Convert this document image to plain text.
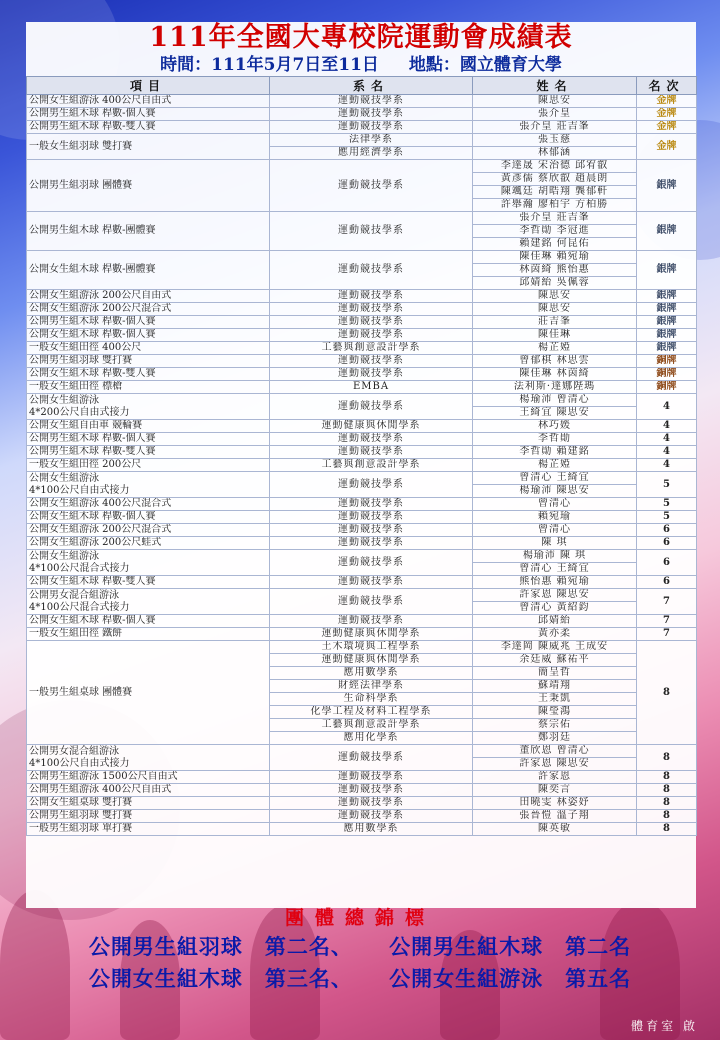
111年全國大專校院運動會成績表
時間：111年5月7日至11日 地點：國立體育大學
項目	系名	姓名	名次

公開女生組游泳 400公尺自由式	運動競技學系	陳思安	金牌

公開男生組木球 桿數-個人賽	運動競技學系	張介皇	金牌

公開男生組木球 桿數-雙人賽	運動競技學系	張介皇 莊吉峯	金牌

一般女生組羽球 雙打賽	法律學系	張玉慈	金牌
	應用經濟學系	林郁涵	

公開男生組羽球 團體賽	運動競技學系	李達晟 宋治德 邱宥叡	銀牌
		黃彥儒 蔡欣叡 趙晨朗	
		陳颯廷 胡晧翔 龔郁軒	
		許舉瀚 廖柏宇 方柏勝	

公開男生組木球 桿數-團體賽	運動競技學系	張介皇 莊吉峯	銀牌
		李哲勛 李冠進	
		賴建銘 何昆佑	

公開女生組木球 桿數-團體賽	運動競技學系	陳佳琳 賴宛瑜	銀牌
		林茵綺 熊怡惠	
		邱婧紿 吳佩蓉	

公開女生組游泳 200公尺自由式	運動競技學系	陳思安	銀牌

公開女生組游泳 200公尺混合式	運動競技學系	陳思安	銀牌

公開男生組木球 桿數-個人賽	運動競技學系	莊吉峯	銀牌

公開女生組木球 桿數-個人賽	運動競技學系	陳佳琳	銀牌

一般女生組田徑 400公尺	工藝與創意設計學系	楊芷婭	銀牌

公開男生組羽球 雙打賽	運動競技學系	曾郁棋 林思雲	銅牌

公開女生組木球 桿數-雙人賽	運動競技學系	陳佳琳 林茵綺	銅牌

一般女生組田徑 標槍	EMBA	法利斯·達娜陛瑪	銅牌

公開女生組游泳
4*200公尺自由式接力	運動競技學系	楊瑜沛 曾清心	4
		王綺宜 陳思安	

公開女生組自由車 競輪賽	運動健康與休閒學系	林巧媛	4

公開男生組木球 桿數-個人賽	運動競技學系	李哲勛	4

公開男生組木球 桿數-雙人賽	運動競技學系	李哲勛 賴建銘	4

一般女生組田徑 200公尺	工藝與創意設計學系	楊芷婭	4

公開女生組游泳
4*100公尺自由式接力	運動競技學系	曾清心 王綺宜	5
		楊瑜沛 陳思安	

公開女生組游泳 400公尺混合式	運動競技學系	曾清心	5

公開女生組木球 桿數-個人賽	運動競技學系	賴宛瑜	5

公開女生組游泳 200公尺混合式	運動競技學系	曾清心	6

公開女生組游泳 200公尺蛙式	運動競技學系	陳 琪	6

公開女生組游泳
4*100公尺混合式接力	運動競技學系	楊瑜沛 陳 琪	6
		曾清心 王綺宜	

公開女生組木球 桿數-雙人賽	運動競技學系	熊怡惠 賴宛瑜	6

公開男女混合組游泳
4*100公尺混合式接力	運動競技學系	許家恩 陳思安	7
		曾清心 黃紹鈞	

公開女生組木球 桿數-個人賽	運動競技學系	邱婧紿	7

一般女生組田徑 鐵餅	運動健康與休閒學系	黃亦柔	7

一般男生組桌球 團體賽	土木環境與工程學系	李達岡 陳威兆 王成安	8
	運動健康與休閒學系	余廷威 蘇祐平	
	應用數學系	簡呈哲	
	財經法律學系	蘇靖翔	
	生命科學系	王秉凱	
	化學工程及材料工程學系	陳瑩鴻	
	工藝與創意設計學系	蔡宗佑	
	應用化學系	鄭羽廷	

公開男女混合組游泳
4*100公尺自由式接力	運動競技學系	董欣恩 曾清心	8
		許家恩 陳思安	

公開男生組游泳 1500公尺自由式	運動競技學系	許家恩	8

公開男生組游泳 400公尺自由式	運動競技學系	陳奕言	8

公開女生組桌球 雙打賽	運動競技學系	田曉雯 林姿妤	8

公開男生組羽球 雙打賽	運動競技學系	張晉愷 溫子翔	8

一般男生組羽球 單打賽	應用數學系	陳英敏	8
團體總錦標
公開男生組羽球　第二名、 公開男生組木球　第二名
公開女生組木球　第三名、 公開女生組游泳　第五名
體育室 啟
